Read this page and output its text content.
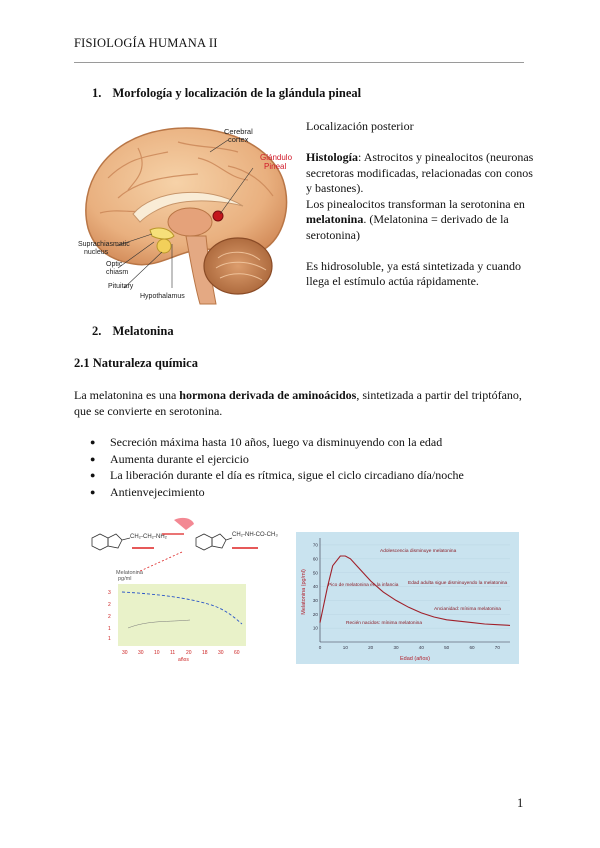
FISIOLOGÍA HUMANA II
1. Morfología y localización de la glándula pineal
Cerebral cortex
Glándulo Pineal
Suprachiasmatic nucleus Optic chiasm Pituitary Hypothalamus

Localización posterior

Histología: Astrocitos y pinealocitos (neuronas secretoras modificadas, relacionadas con conos y bastones).

Los pinealocitos transforman la serotonina en melatonina. (Melatonina = derivado de la serotonina)

Es hidrosoluble, ya está sintetizada y cuando llega el estímulo actúa rápidamente.

2. Melatonina
2.1 Naturaleza química
La melatonina es una hormona derivada de aminoácidos, sintetizada a partir del triptófano, que se convierte en serotonina.
● Secreción máxima hasta 10 años, luego va disminuyendo con la edad
● Aumenta durante el ejercicio
● La liberación durante el día es rítmica, sigue el ciclo circadiano día/noche
● Antienvejecimiento
CH₂-CH₂-NH₂	CH₂-NH-CO-CH₃
Melatonina
pg/ml
3
2
2
1
1
30 30 10 11 20 18 30 60
años
10
20
30
40
50
60
70
0	10	20	30	40	50	60	70
Adolescencia disminuye melatonina
Pico de melatonina en la infancia Edad adulta sigue disminuyendo la melatonina
Ancianidad: mínima melatonina
Recién nacidos: mínima melatonina
Melatonina (pg/ml)
Edad (años)
1
